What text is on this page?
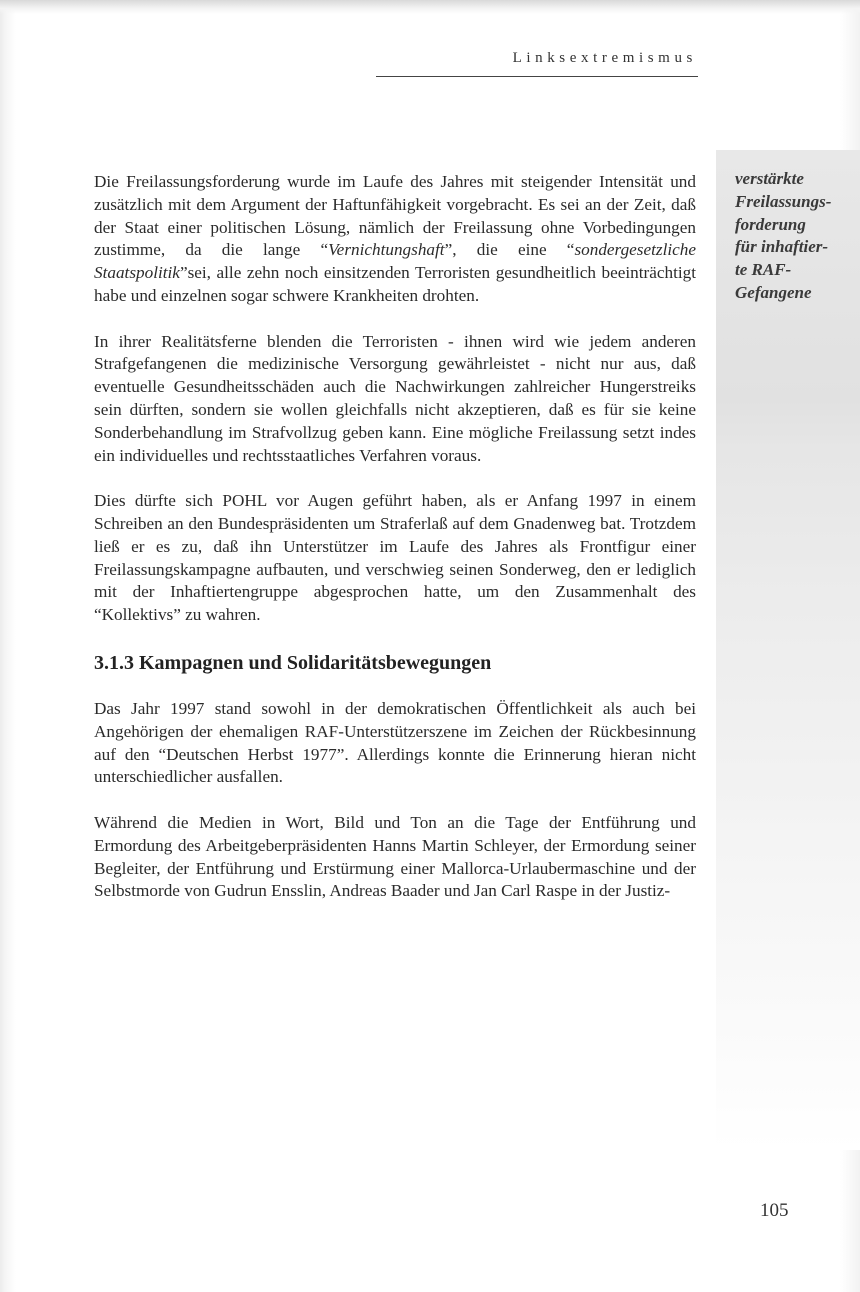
Linksextremismus
verstärkte
Freilassungs-
forderung
für inhaftier-
te RAF-
Gefangene

Die Freilassungsforderung wurde im Laufe des Jahres mit steigender Intensität und zusätzlich mit dem Argument der Haftunfähigkeit vorgebracht. Es sei an der Zeit, daß der Staat einer politischen Lösung, nämlich der Freilassung ohne Vorbedingungen zustimme, da die lange “Vernichtungshaft”, die eine “sondergesetzliche Staatspolitik”sei, alle zehn noch einsitzenden Terroristen gesundheitlich beeinträchtigt habe und einzelnen sogar schwere Krankheiten drohten.

In ihrer Realitätsferne blenden die Terroristen - ihnen wird wie jedem anderen Strafgefangenen die medizinische Versorgung gewährleistet - nicht nur aus, daß eventuelle Gesundheitsschäden auch die Nachwirkungen zahlreicher Hungerstreiks sein dürften, sondern sie wollen gleichfalls nicht akzeptieren, daß es für sie keine Sonderbehandlung im Strafvollzug geben kann. Eine mögliche Freilassung setzt indes ein individuelles und rechtsstaatliches Verfahren voraus.

Dies dürfte sich POHL vor Augen geführt haben, als er Anfang 1997 in einem Schreiben an den Bundespräsidenten um Straferlaß auf dem Gnadenweg bat. Trotzdem ließ er es zu, daß ihn Unterstützer im Laufe des Jahres als Frontfigur einer Freilassungskampagne aufbauten, und verschwieg seinen Sonderweg, den er lediglich mit der Inhaftiertengruppe abgesprochen hatte, um den Zusammenhalt des “Kollektivs” zu wahren.

3.1.3 Kampagnen und Solidaritätsbewegungen

Das Jahr 1997 stand sowohl in der demokratischen Öffentlichkeit als auch bei Angehörigen der ehemaligen RAF-Unterstützerszene im Zeichen der Rückbesinnung auf den “Deutschen Herbst 1977”. Allerdings konnte die Erinnerung hieran nicht unterschiedlicher ausfallen.

Während die Medien in Wort, Bild und Ton an die Tage der Entführung und Ermordung des Arbeitgeberpräsidenten Hanns Martin Schleyer, der Ermordung seiner Begleiter, der Entführung und Erstürmung einer Mallorca-Urlaubermaschine und der Selbstmorde von Gudrun Ensslin, Andreas Baader und Jan Carl Raspe in der Justiz-

105
